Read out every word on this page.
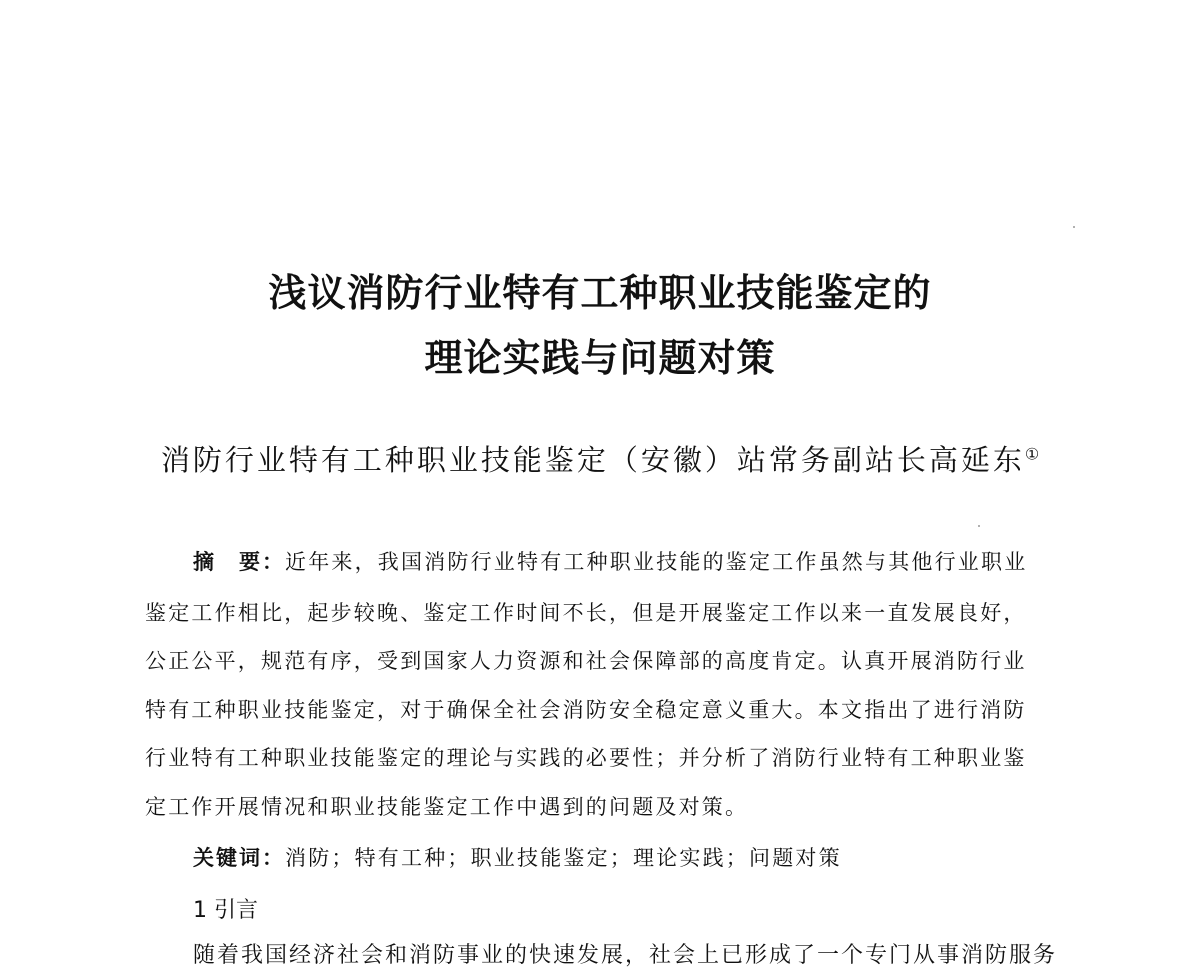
浅议消防行业特有工种职业技能鉴定的
理论实践与问题对策
消防行业特有工种职业技能鉴定（安徽）站常务副站长高延东①
摘　要：近年来，我国消防行业特有工种职业技能的鉴定工作虽然与其他行业职业
鉴定工作相比，起步较晚、鉴定工作时间不长，但是开展鉴定工作以来一直发展良好，
公正公平，规范有序，受到国家人力资源和社会保障部的高度肯定。认真开展消防行业
特有工种职业技能鉴定，对于确保全社会消防安全稳定意义重大。本文指出了进行消防
行业特有工种职业技能鉴定的理论与实践的必要性；并分析了消防行业特有工种职业鉴
定工作开展情况和职业技能鉴定工作中遇到的问题及对策。
关键词：消防；特有工种；职业技能鉴定；理论实践；问题对策
1 引言
随着我国经济社会和消防事业的快速发展，社会上已形成了一个专门从事消防服务
